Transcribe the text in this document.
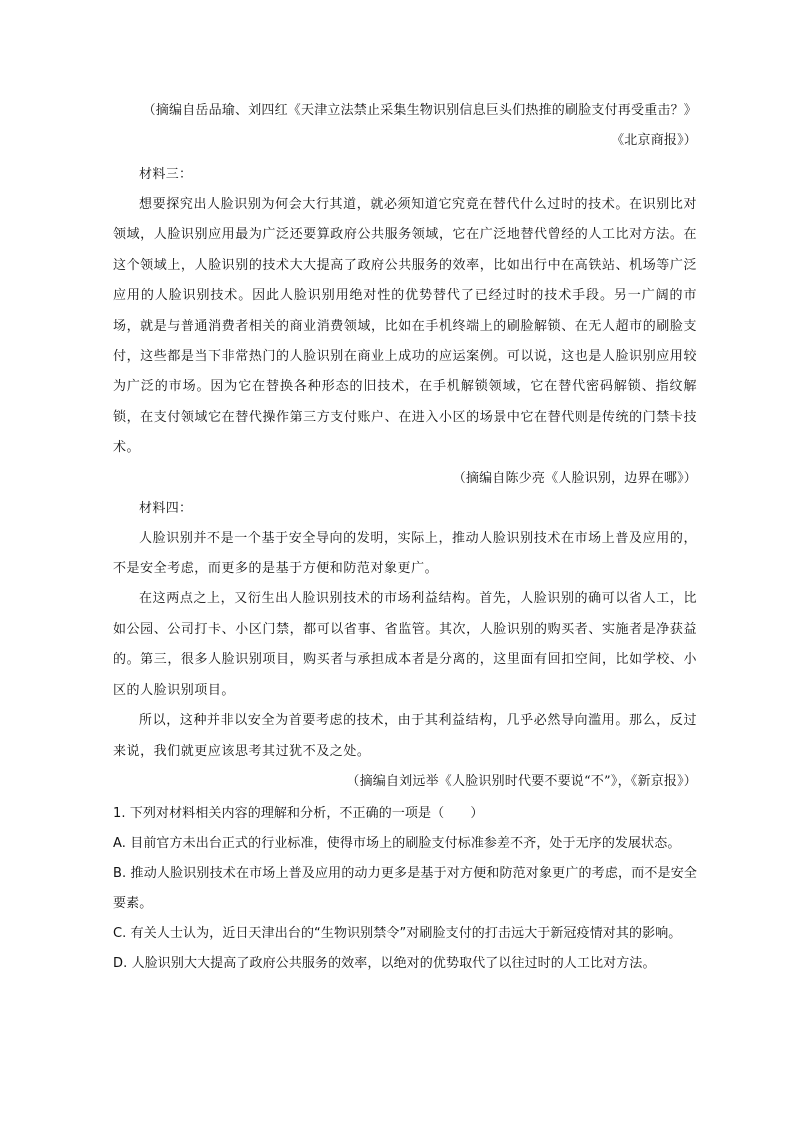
（摘编自岳品瑜、刘四红《天津立法禁止采集生物识别信息巨头们热推的刷脸支付再受重击？》
《北京商报》）
材料三：

想要探究出人脸识别为何会大行其道，就必须知道它究竟在替代什么过时的技术。在识别比对领域，人脸识别应用最为广泛还要算政府公共服务领域，它在广泛地替代曾经的人工比对方法。在这个领域上，人脸识别的技术大大提高了政府公共服务的效率，比如出行中在高铁站、机场等广泛应用的人脸识别技术。因此人脸识别用绝对性的优势替代了已经过时的技术手段。另一广阔的市场，就是与普通消费者相关的商业消费领域，比如在手机终端上的刷脸解锁、在无人超市的刷脸支付，这些都是当下非常热门的人脸识别在商业上成功的应运案例。可以说，这也是人脸识别应用较为广泛的市场。因为它在替换各种形态的旧技术，在手机解锁领域，它在替代密码解锁、指纹解锁，在支付领域它在替代操作第三方支付账户、在进入小区的场景中它在替代则是传统的门禁卡技术。

（摘编自陈少亮《人脸识别，边界在哪》）
材料四：

人脸识别并不是一个基于安全导向的发明，实际上，推动人脸识别技术在市场上普及应用的，不是安全考虑，而更多的是基于方便和防范对象更广。

在这两点之上，又衍生出人脸识别技术的市场利益结构。首先，人脸识别的确可以省人工，比如公园、公司打卡、小区门禁，都可以省事、省监管。其次，人脸识别的购买者、实施者是净获益的。第三，很多人脸识别项目，购买者与承担成本者是分离的，这里面有回扣空间，比如学校、小区的人脸识别项目。

所以，这种并非以安全为首要考虑的技术，由于其利益结构，几乎必然导向滥用。那么，反过来说，我们就更应该思考其过犹不及之处。

（摘编自刘远举《人脸识别时代要不要说“不”》，《新京报》）
1. 下列对材料相关内容的理解和分析，不正确的一项是（　　）
A. 目前官方未出台正式的行业标准，使得市场上的刷脸支付标准参差不齐，处于无序的发展状态。
B. 推动人脸识别技术在市场上普及应用的动力更多是基于对方便和防范对象更广的考虑，而不是安全要素。
C. 有关人士认为，近日天津出台的“生物识别禁令”对刷脸支付的打击远大于新冠疫情对其的影响。
D. 人脸识别大大提高了政府公共服务的效率，以绝对的优势取代了以往过时的人工比对方法。
